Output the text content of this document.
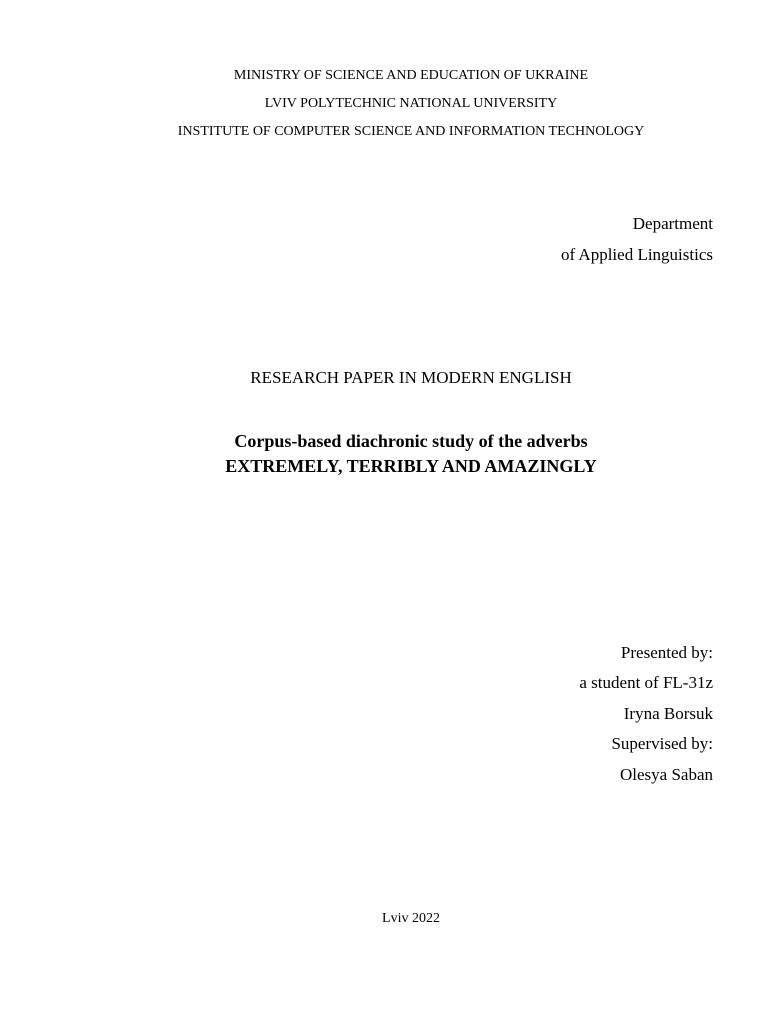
MINISTRY OF SCIENCE AND EDUCATION OF UKRAINE
LVIV POLYTECHNIC NATIONAL UNIVERSITY
INSTITUTE OF COMPUTER SCIENCE AND INFORMATION TECHNOLOGY
Department
of Applied Linguistics
RESEARCH PAPER IN MODERN ENGLISH
Corpus-based diachronic study of the adverbs
EXTREMELY, TERRIBLY AND AMAZINGLY
Presented by:
a student of FL-31z
Iryna Borsuk
Supervised by:
Olesya Saban
Lviv 2022
